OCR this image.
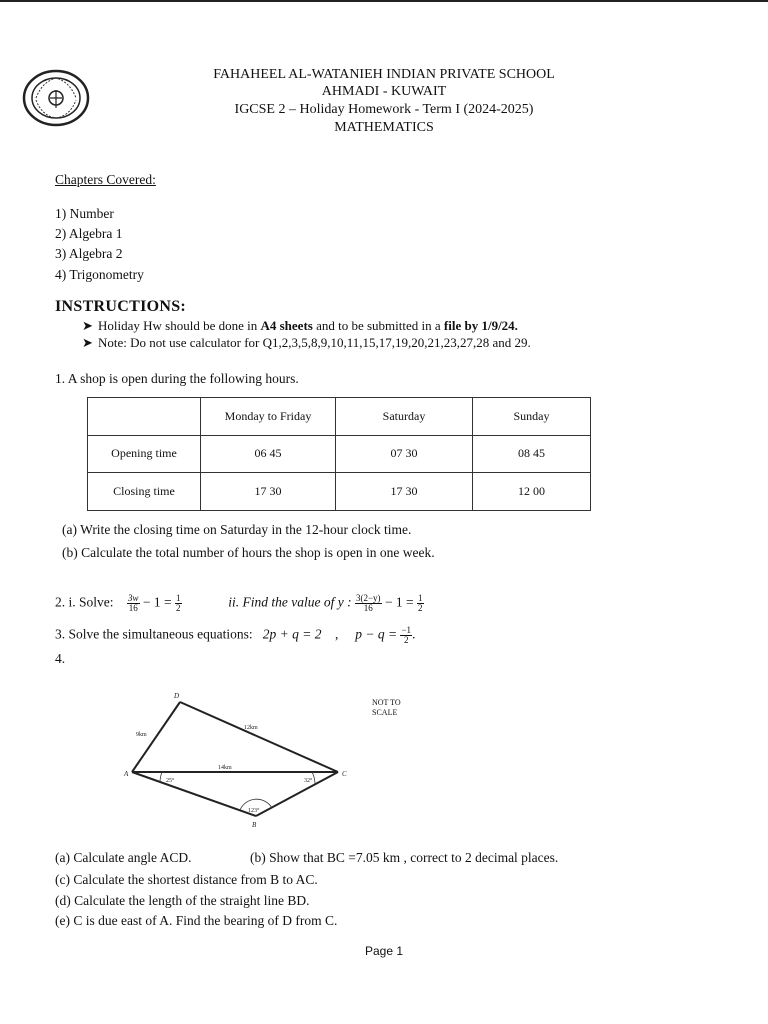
FAHAHEEL AL-WATANIEH INDIAN PRIVATE SCHOOL
AHMADI - KUWAIT
IGCSE 2 – Holiday Homework - Term I (2024-2025)
MATHEMATICS
Chapters Covered:
1) Number
2) Algebra 1
3) Algebra 2
4) Trigonometry
INSTRUCTIONS:
➤ Holiday Hw should be done in A4 sheets and to be submitted in a file by 1/9/24.
➤ Note: Do not use calculator for Q1,2,3,5,8,9,10,11,15,17,19,20,21,23,27,28 and 29.
1. A shop is open during the following hours.
	Monday to Friday	Saturday	Sunday
Opening time	06 45	07 30	08 45
Closing time	17 30	17 30	12 00
(a) Write the closing time on Saturday in the 12-hour clock time.
(b) Calculate the total number of hours the shop is open in one week.
2. i. Solve: $\frac{3w}{16} - 1 = \frac{1}{2}$	ii. Find the value of y : $\frac{3(2-y)}{16} - 1 = \frac{1}{2}$
3. Solve the simultaneous equations: 2p + q = 2 , $p - q = \frac{-1}{2}$ .
4.
D
A
B
C
9km
12km
14km
25°	32°
123°
NOT TO SCALE
(a) Calculate angle ACD.	(b) Show that BC =7.05 km , correct to 2 decimal places.
(c) Calculate the shortest distance from B to AC.
(d) Calculate the length of the straight line BD.
(e) C is due east of A. Find the bearing of D from C.
Page 1
